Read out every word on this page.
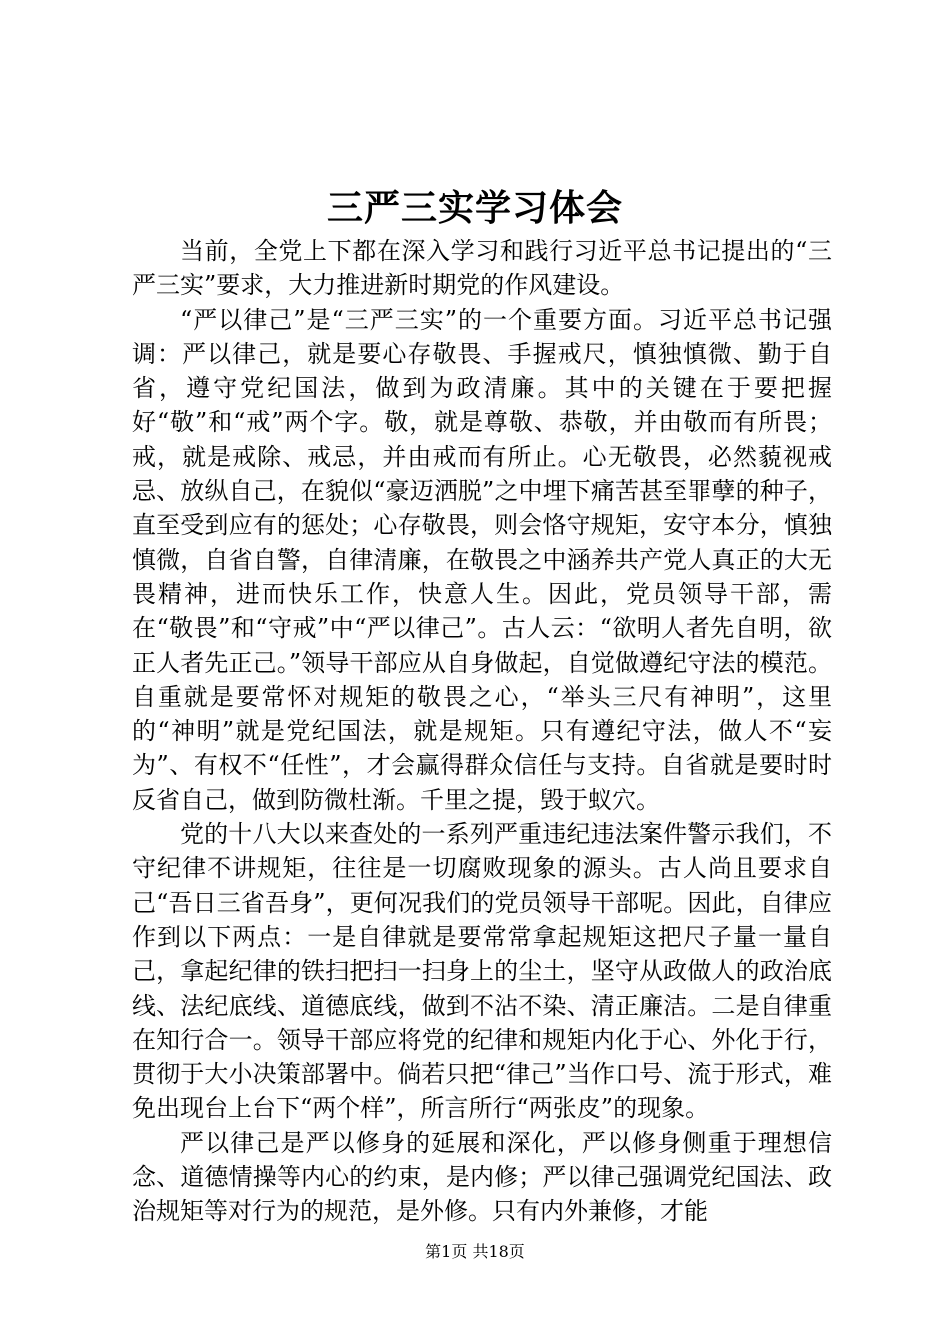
三严三实学习体会

当前，全党上下都在深入学习和践行习近平总书记提出的“三严三实”要求，大力推进新时期党的作风建设。

“严以律己”是“三严三实”的一个重要方面。习近平总书记强调：严以律己，就是要心存敬畏、手握戒尺，慎独慎微、勤于自省，遵守党纪国法，做到为政清廉。其中的关键在于要把握好“敬”和“戒”两个字。敬，就是尊敬、恭敬，并由敬而有所畏；戒，就是戒除、戒忌，并由戒而有所止。心无敬畏，必然藐视戒忌、放纵自己，在貌似“豪迈洒脱”之中埋下痛苦甚至罪孽的种子，直至受到应有的惩处；心存敬畏，则会恪守规矩，安守本分，慎独慎微，自省自警，自律清廉，在敬畏之中涵养共产党人真正的大无畏精神，进而快乐工作，快意人生。因此，党员领导干部，需在“敬畏”和“守戒”中“严以律己”。古人云：“欲明人者先自明，欲正人者先正己。”领导干部应从自身做起，自觉做遵纪守法的模范。自重就是要常怀对规矩的敬畏之心，“举头三尺有神明”，这里的“神明”就是党纪国法，就是规矩。只有遵纪守法，做人不“妄为”、有权不“任性”，才会赢得群众信任与支持。自省就是要时时反省自己，做到防微杜渐。千里之提，毁于蚁穴。

党的十八大以来查处的一系列严重违纪违法案件警示我们，不守纪律不讲规矩，往往是一切腐败现象的源头。古人尚且要求自己“吾日三省吾身”，更何况我们的党员领导干部呢。因此，自律应作到以下两点：一是自律就是要常常拿起规矩这把尺子量一量自己，拿起纪律的铁扫把扫一扫身上的尘土，坚守从政做人的政治底线、法纪底线、道德底线，做到不沾不染、清正廉洁。二是自律重在知行合一。领导干部应将党的纪律和规矩内化于心、外化于行，贯彻于大小决策部署中。倘若只把“律己”当作口号、流于形式，难免出现台上台下“两个样”，所言所行“两张皮”的现象。

严以律己是严以修身的延展和深化，严以修身侧重于理想信念、道德情操等内心的约束，是内修；严以律己强调党纪国法、政治规矩等对行为的规范，是外修。只有内外兼修，才能

第1页 共18页
